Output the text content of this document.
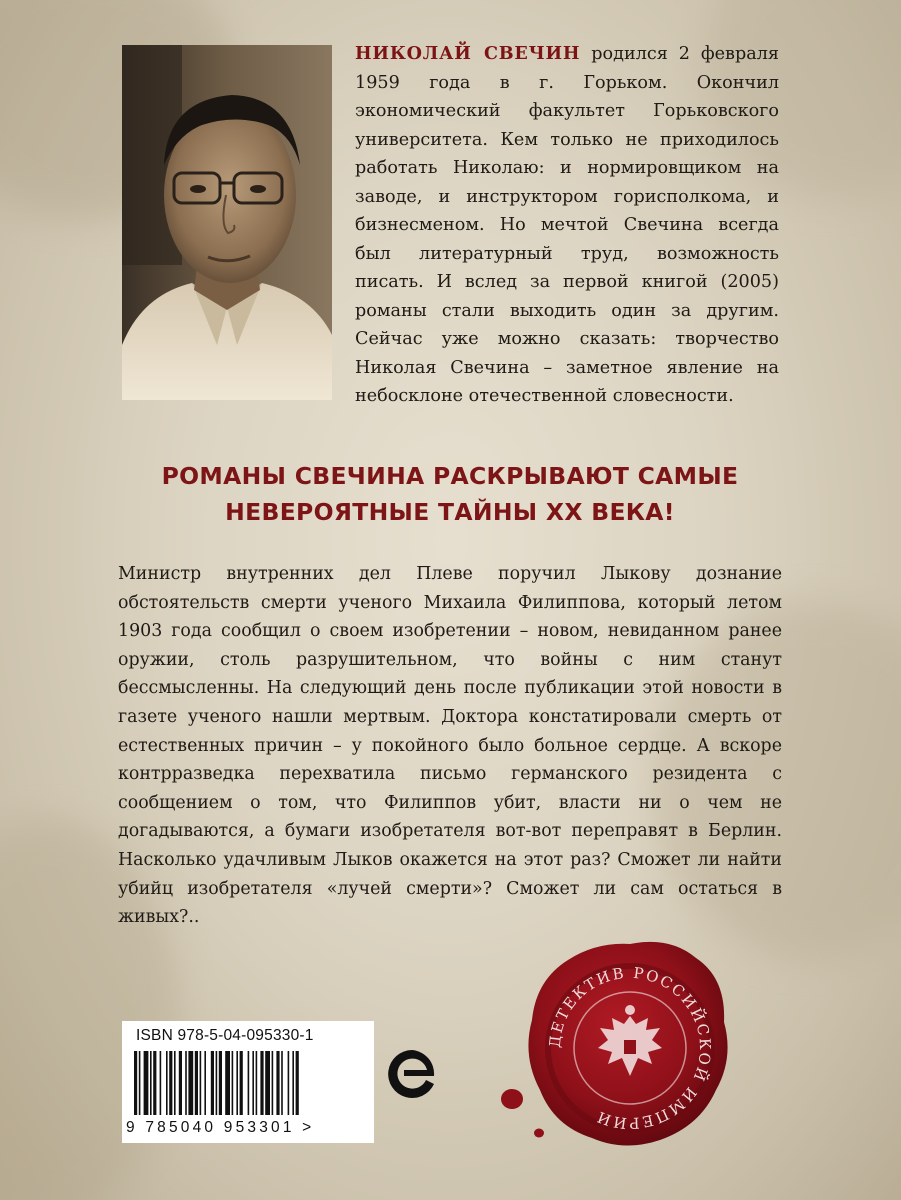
НИКОЛАЙ СВЕЧИН родился 2 февраля 1959 года в г. Горьком. Окончил экономический факультет Горьковского университета. Кем только не приходилось работать Николаю: и нормировщиком на заводе, и инструктором горисполкома, и бизнесменом. Но мечтой Свечина всегда был литературный труд, возможность писать. И вслед за первой книгой (2005) романы стали выходить один за другим. Сейчас уже можно сказать: творчество Николая Свечина – заметное явление на небосклоне отечественной словесности.
РОМАНЫ СВЕЧИНА РАСКРЫВАЮТ САМЫЕ
НЕВЕРОЯТНЫЕ ТАЙНЫ XX ВЕКА!
Министр внутренних дел Плеве поручил Лыкову дознание обстоятельств смерти ученого Михаила Филиппова, который летом 1903 года сообщил о своем изобретении – новом, невиданном ранее оружии, столь разрушительном, что войны с ним станут бессмысленны. На следующий день после публикации этой новости в газете ученого нашли мертвым. Доктора констатировали смерть от естественных причин – у покойного было больное сердце. А вскоре контрразведка перехватила письмо германского резидента с сообщением о том, что Филиппов убит, власти ни о чем не догадываются, а бумаги изобретателя вот-вот переправят в Берлин. Насколько удачливым Лыков окажется на этот раз? Сможет ли найти убийц изобретателя «лучей смерти»? Сможет ли сам остаться в живых?..
ISBN 978-5-04-095330-1
9 785040 953301 >
ДЕТЕКТИВ РОССИЙСКОЙ ИМПЕРИИ
